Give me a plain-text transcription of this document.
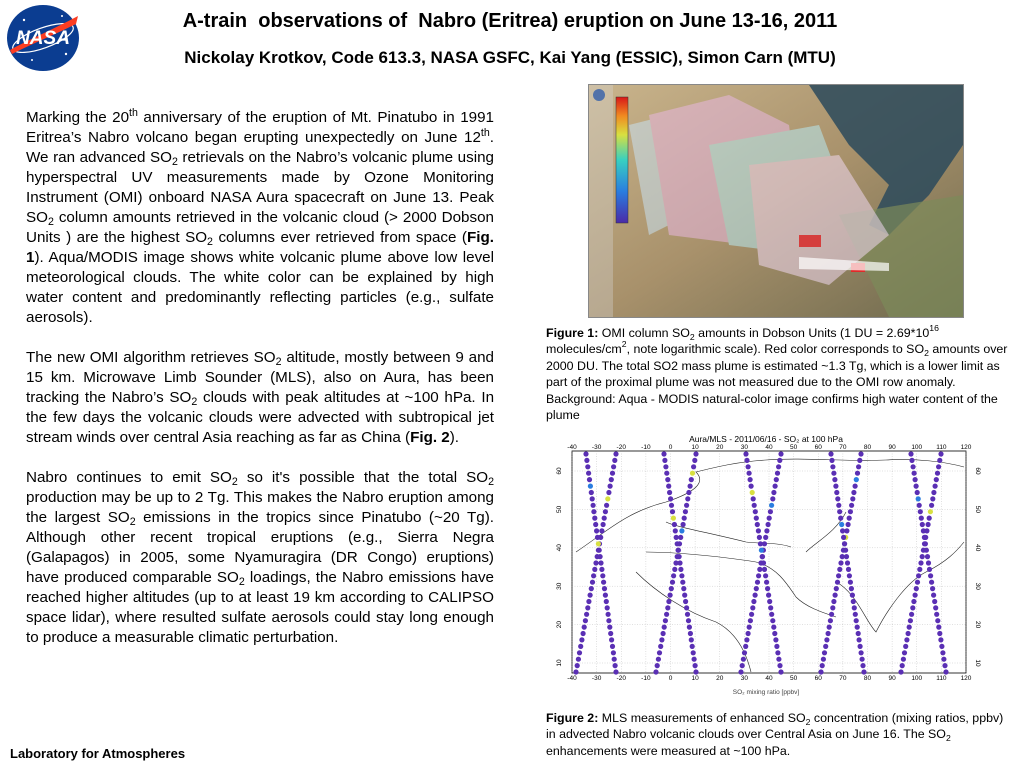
NASA
A-train  observations of  Nabro (Eritrea) eruption on June 13-16, 2011
Nickolay Krotkov, Code 613.3, NASA GSFC, Kai Yang (ESSIC), Simon Carn (MTU)

Marking the 20th anniversary of the eruption of Mt. Pinatubo in 1991 Eritrea’s Nabro volcano began erupting unexpectedly on June 12th. We ran advanced $SO_2$ retrievals on the Nabro’s volcanic plume using hyperspectral UV measurements made by Ozone Monitoring Instrument (OMI) onboard NASA Aura spacecraft on June 13. Peak $SO_2$ column amounts retrieved in the volcanic cloud (> 2000 Dobson Units ) are the highest $SO_2$ columns ever retrieved from space (Fig. 1). Aqua/MODIS image shows white volcanic plume above low level meteorological clouds. The white color can be explained by high water content and predominantly reflecting particles (e.g., sulfate aerosols).

The new OMI algorithm retrieves $SO_2$ altitude, mostly between 9 and 15 km. Microwave Limb Sounder (MLS), also on Aura, has been tracking the Nabro’s $SO_2$ clouds with peak altitudes at ~100 hPa. In the few days the volcanic clouds were advected with subtropical jet stream winds over central Asia reaching as far as China (Fig. 2).

Nabro continues to emit $SO_2$ so it's possible that the total $SO_2$ production may be up to 2 Tg. This makes the Nabro eruption among the largest $SO_2$ emissions in the tropics since Pinatubo (~20 Tg). Although other recent tropical eruptions (e.g., Sierra Negra (Galapagos) in 2005, some Nyamuragira (DR Congo) eruptions) have produced comparable $SO_2$ loadings, the Nabro emissions have reached higher altitudes (up to at least 19 km according to CALIPSO space lidar), where resulted sulfate aerosols could stay long enough to produce a measurable climatic perturbation.

Figure 1: OMI column $SO_2$ amounts in Dobson Units (1 DU = $2.69*10^{16}$ molecules/$cm^2$, note logarithmic scale). Red color corresponds to $SO_2$ amounts over 2000 DU. The total SO2 mass plume is estimated ~1.3 Tg, which is a lower limit as part of the proximal plume was not measured due to the OMI row anomaly. Background: Aqua - MODIS natural-color image confirms high water content of the plume
Aura/MLS - 2011/06/16 - SO₂ at 100 hPa
-40 -30 -20 -10	0	10	20	30	40	50	60	70	80	90 100 110 120
-40 -30 -20 -10	0	10	20	30	40	50	60	70	80	90 100 110 120
60
50
40
30
20
10
60
50
40
30
20
10
SO₂ mixing ratio [ppbv]
Figure 2: MLS measurements of enhanced $SO_2$ concentration (mixing ratios, ppbv) in advected Nabro volcanic clouds over Central Asia on June 16. The $SO_2$ enhancements were measured at ~100 hPa.
Laboratory for Atmospheres
